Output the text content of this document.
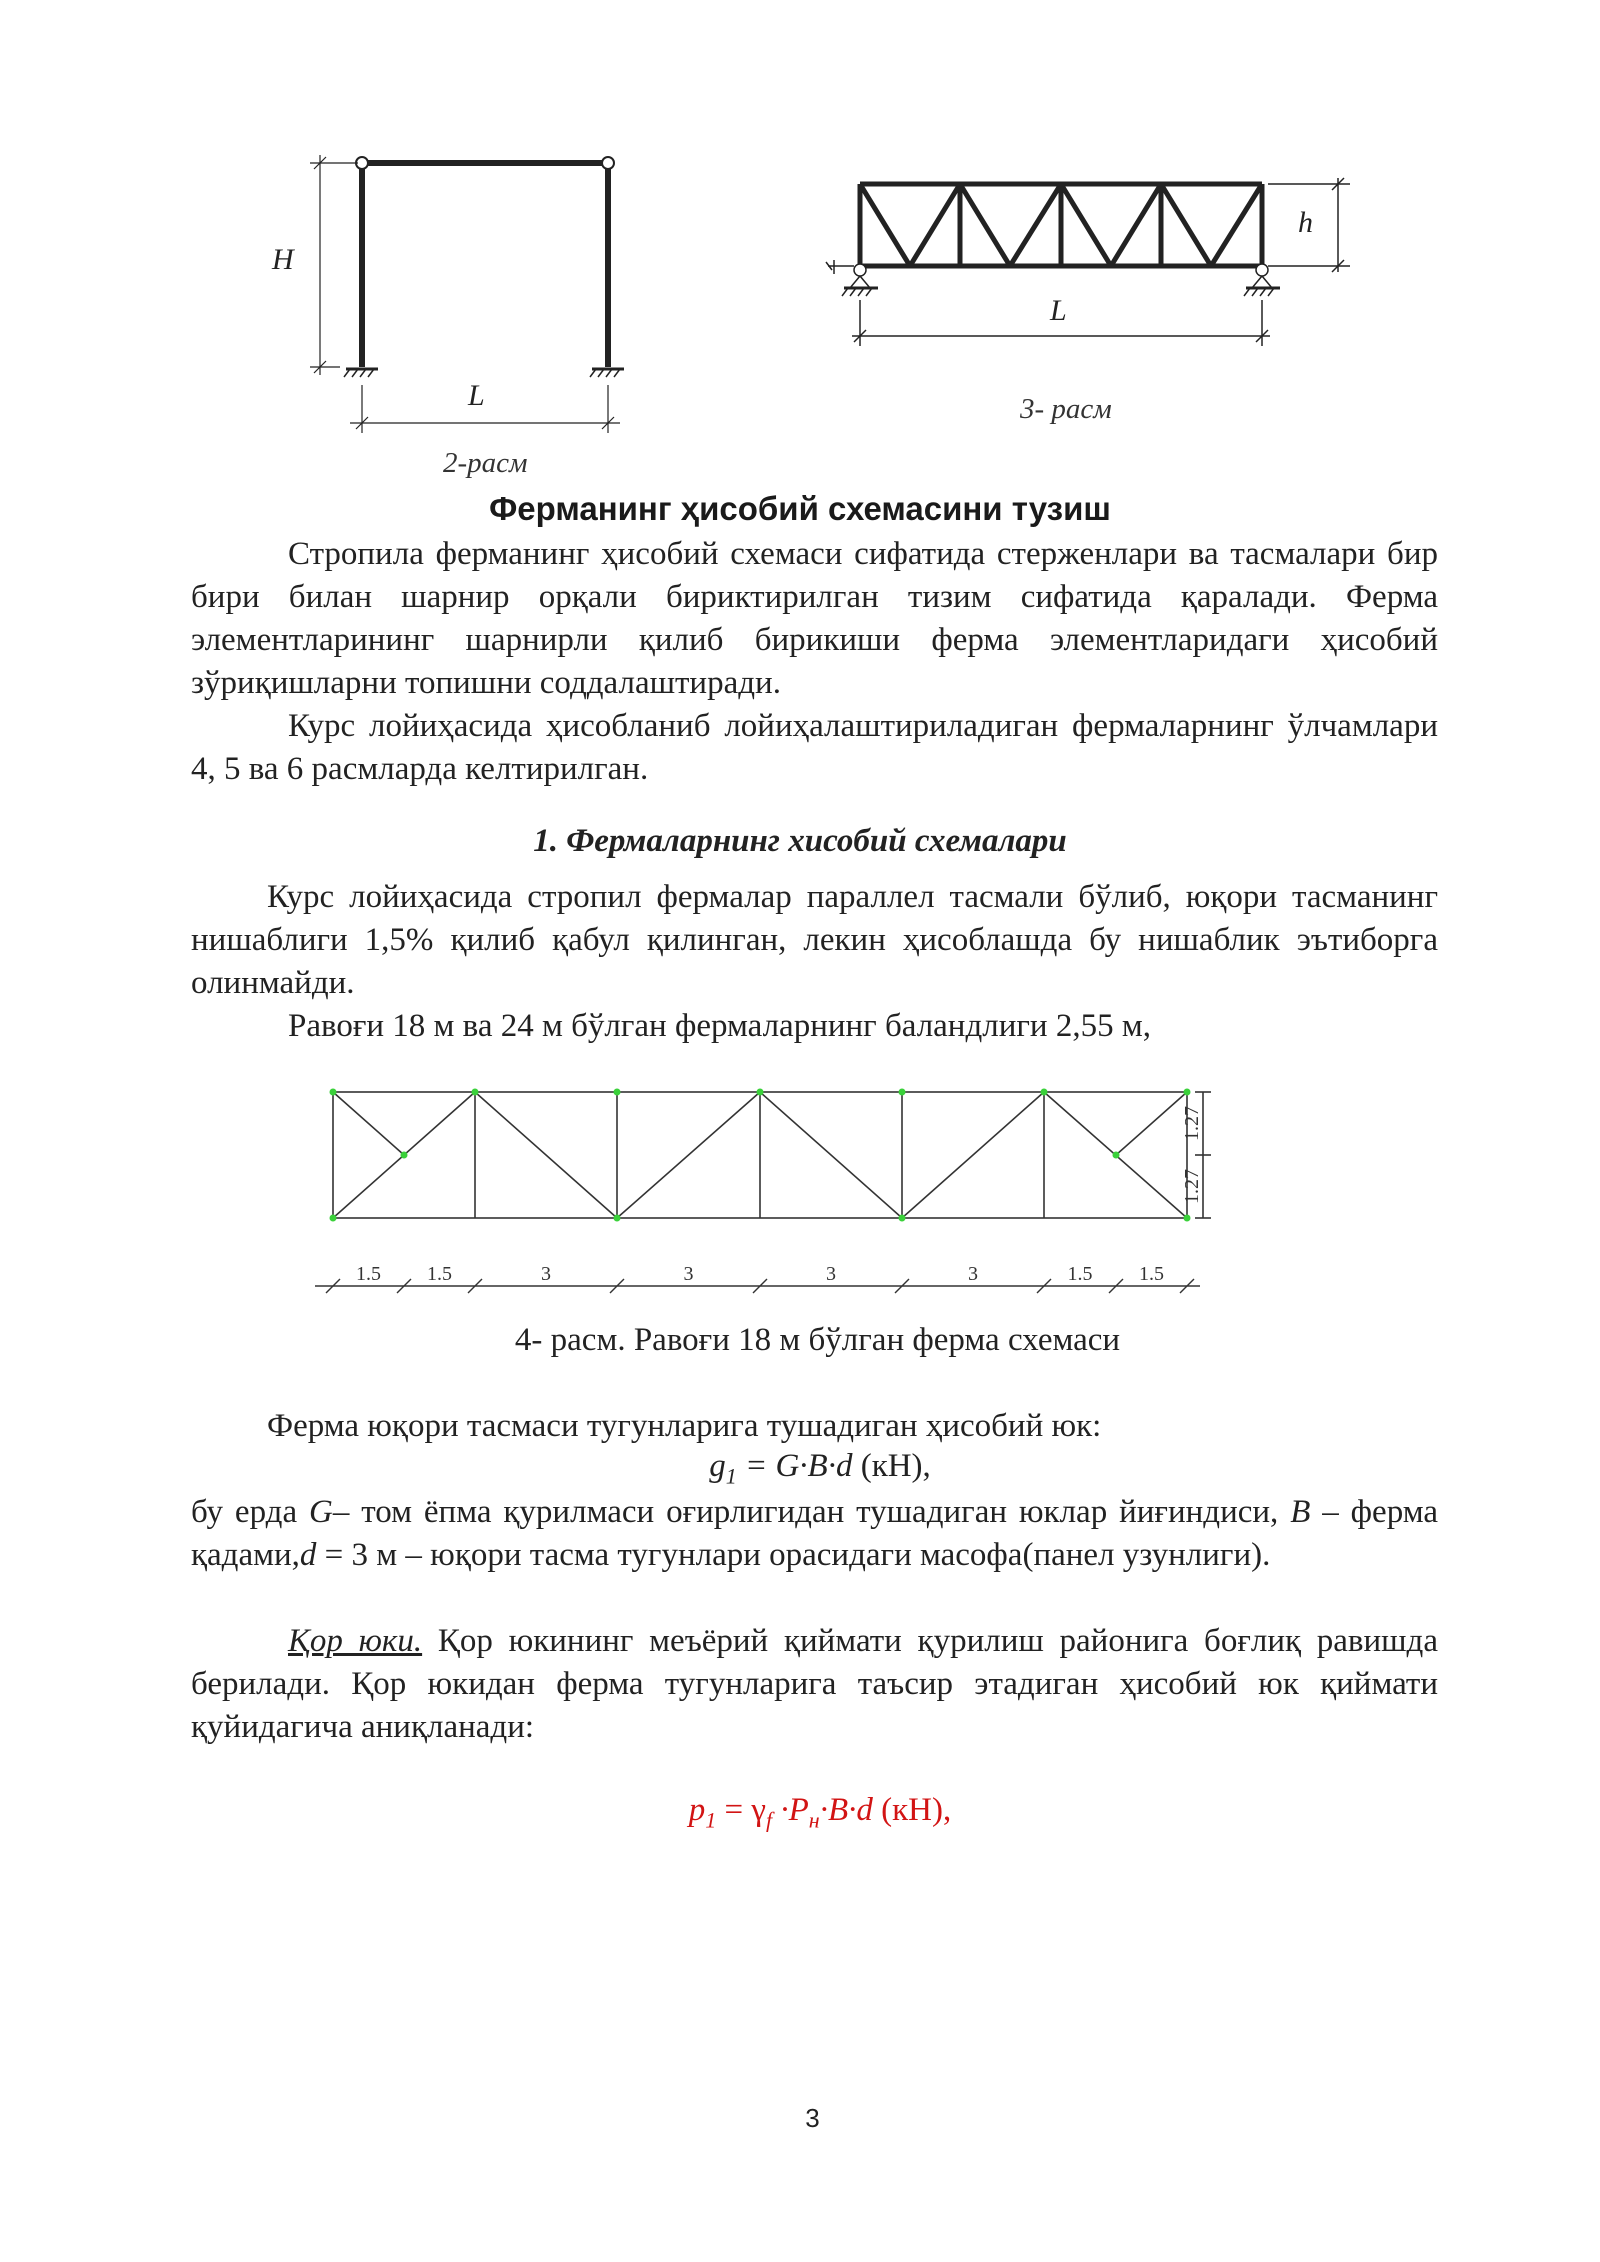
H
L
2-расм
h
L
3- расм
Ферманинг ҳисобий схемасини тузиш
Стропила ферманинг ҳисобий схемаси сифатида стерженлари ва тасмалари бир бири билан шарнир орқали бириктирилган тизим сифатида қаралади. Ферма элементларининг шарнирли қилиб бирикиши ферма элементларидаги ҳисобий зўриқишларни топишни соддалаштиради.
Курс лойиҳасида ҳисобланиб лойиҳалаштириладиган фермаларнинг ўлчамлари 4, 5 ва 6 расмларда келтирилган.
1. Фермаларнинг хисобий схемалари
Курс лойиҳасида стропил фермалар параллел тасмали бўлиб, юқори тасманинг нишаблиги 1,5% қилиб қабул қилинган, лекин ҳисоблашда бу нишаблик эътиборга олинмайди.
Равоғи 18 м ва 24 м бўлган фермаларнинг баландлиги 2,55 м,
1.5 1.5	3	3	3	3	1.5 1.5
1.27
1.27
4- расм. Равоғи 18 м бўлган ферма схемаси
Ферма юқори тасмаси тугунларига тушадиган ҳисобий юк:
$g_1 = G\cdot B\cdot d$ (кН),
бу ерда G– том ёпма қурилмаси оғирлигидан тушадиган юклар йиғиндиси, B – ферма қадами,d = 3 м – юқори тасма тугунлари орасидаги масофа(панел узунлиги).
Қор юки. Қор юкининг меъёрий қиймати қурилиш районига боғлиқ равишда берилади. Қор юкидан ферма тугунларига таъсир этадиган ҳисобий юк қиймати қуйидагича аниқланади:
$p_1 = \gamma_f \cdot P_н\cdot B\cdot d$ (кН),
3
